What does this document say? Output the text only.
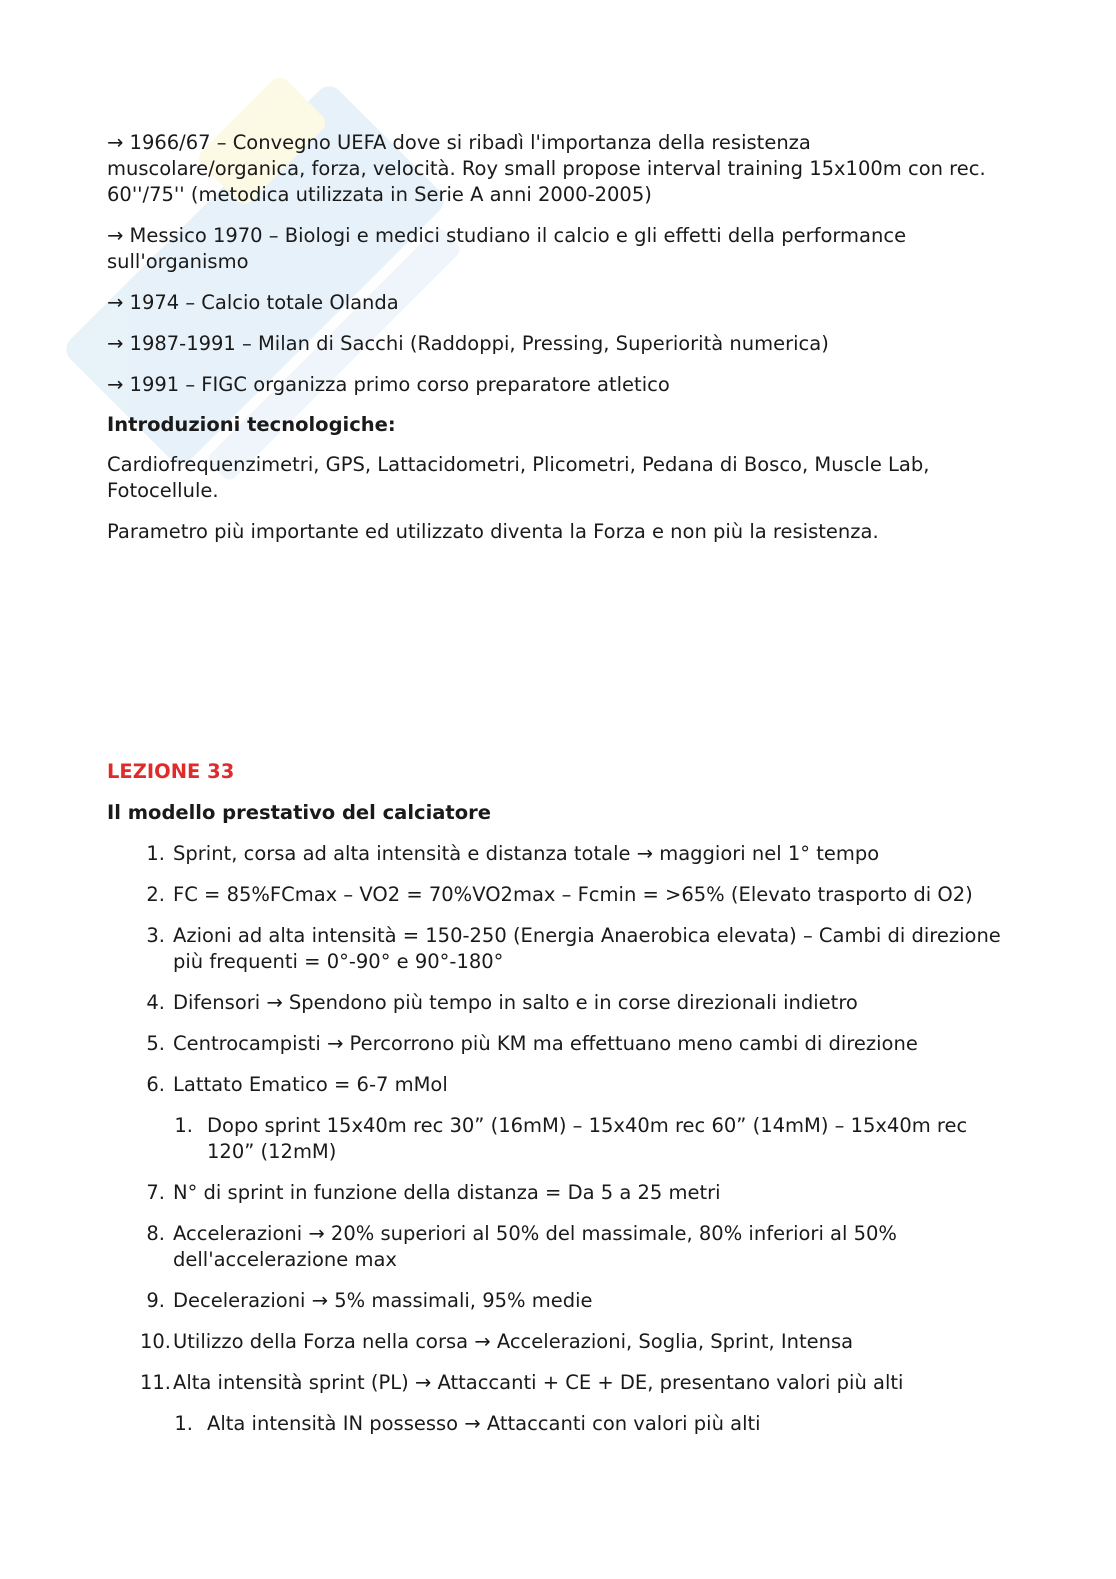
→ 1966/67 – Convegno UEFA dove si ribadì l'importanza della resistenza muscolare/organica, forza, velocità. Roy small propose interval training 15x100m con rec. 60''/75'' (metodica utilizzata in Serie A anni 2000-2005)

→ Messico 1970 – Biologi e medici studiano il calcio e gli effetti della performance sull'organismo

→ 1974 – Calcio totale Olanda

→ 1987-1991 – Milan di Sacchi (Raddoppi, Pressing, Superiorità numerica)

→ 1991 – FIGC organizza primo corso preparatore atletico

Introduzioni tecnologiche:

Cardiofrequenzimetri, GPS, Lattacidometri, Plicometri, Pedana di Bosco, Muscle Lab, Fotocellule.

Parametro più importante ed utilizzato diventa la Forza e non più la resistenza.

LEZIONE 33

Il modello prestativo del calciatore

1. Sprint, corsa ad alta intensità e distanza totale → maggiori nel 1° tempo
2. FC = 85%FCmax – VO2 = 70%VO2max – Fcmin = >65% (Elevato trasporto di O2)
3. Azioni ad alta intensità = 150-250 (Energia Anaerobica elevata) – Cambi di direzione più frequenti = 0°-90° e 90°-180°
4. Difensori → Spendono più tempo in salto e in corse direzionali indietro
5. Centrocampisti → Percorrono più KM ma effettuano meno cambi di direzione
6. Lattato Ematico = 6-7 mMol
1. Dopo sprint 15x40m rec 30” (16mM) – 15x40m rec 60” (14mM) – 15x40m rec 120” (12mM)
7. N° di sprint in funzione della distanza = Da 5 a 25 metri
8. Accelerazioni → 20% superiori al 50% del massimale, 80% inferiori al 50% dell'accelerazione max
9. Decelerazioni → 5% massimali, 95% medie
10. Utilizzo della Forza nella corsa → Accelerazioni, Soglia, Sprint, Intensa
11. Alta intensità sprint (PL) → Attaccanti + CE + DE, presentano valori più alti
1. Alta intensità IN possesso → Attaccanti con valori più alti
